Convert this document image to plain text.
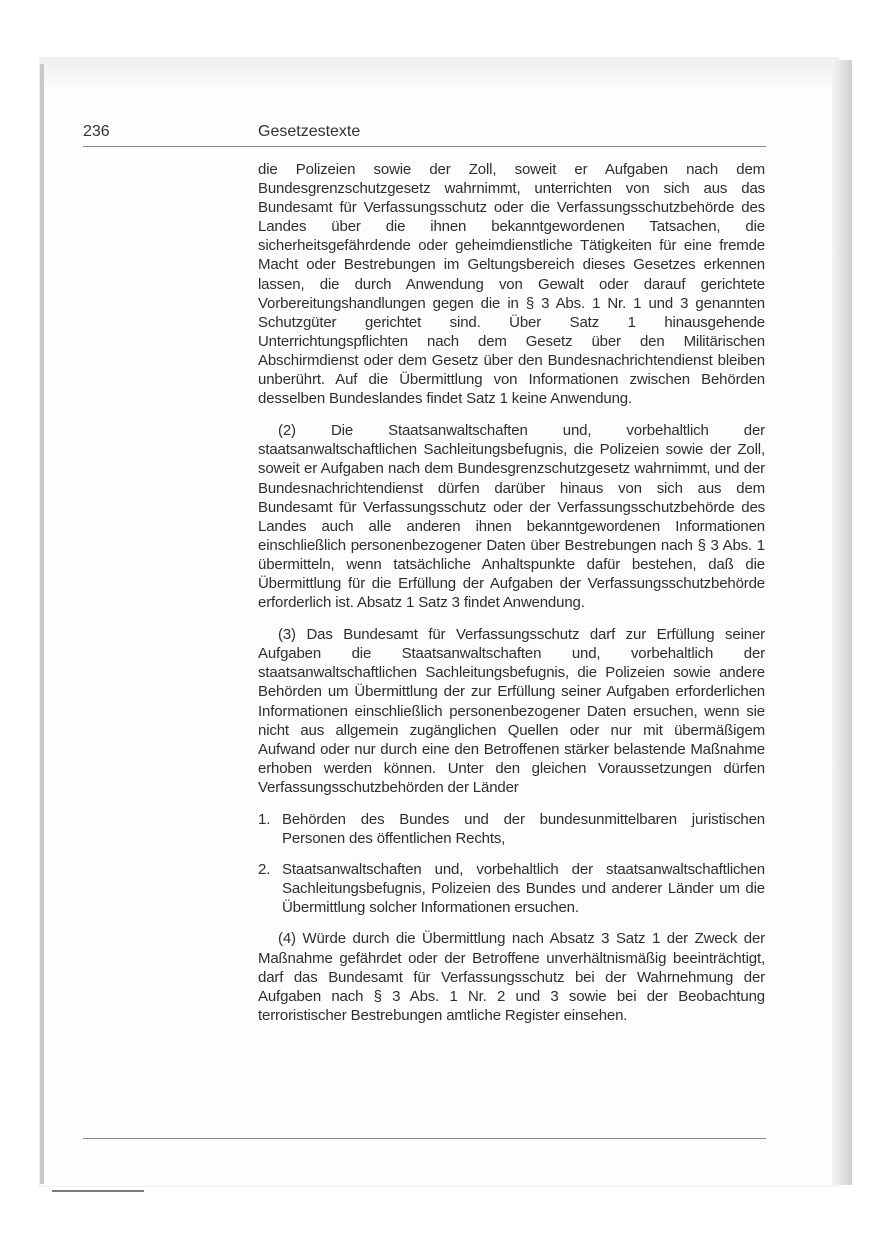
236	Gesetzestexte

die Polizeien sowie der Zoll, soweit er Aufgaben nach dem Bundesgrenzschutzgesetz wahrnimmt, unterrichten von sich aus das Bundesamt für Verfassungsschutz oder die Verfassungsschutzbehörde des Landes über die ihnen bekanntgewordenen Tatsachen, die sicherheitsgefährdende oder geheimdienstliche Tätigkeiten für eine fremde Macht oder Bestrebungen im Geltungsbereich dieses Gesetzes erkennen lassen, die durch Anwendung von Gewalt oder darauf gerichtete Vorbereitungshandlungen gegen die in § 3 Abs. 1 Nr. 1 und 3 genannten Schutzgüter gerichtet sind. Über Satz 1 hinausgehende Unterrichtungspflichten nach dem Gesetz über den Militärischen Abschirmdienst oder dem Gesetz über den Bundesnachrichtendienst bleiben unberührt. Auf die Übermittlung von Informationen zwischen Behörden desselben Bundeslandes findet Satz 1 keine Anwendung.

(2) Die Staatsanwaltschaften und, vorbehaltlich der staatsanwaltschaftlichen Sachleitungsbefugnis, die Polizeien sowie der Zoll, soweit er Aufgaben nach dem Bundesgrenzschutzgesetz wahrnimmt, und der Bundesnachrichtendienst dürfen darüber hinaus von sich aus dem Bundesamt für Verfassungsschutz oder der Verfassungsschutzbehörde des Landes auch alle anderen ihnen bekanntgewordenen Informationen einschließlich personenbezogener Daten über Bestrebungen nach § 3 Abs. 1 übermitteln, wenn tatsächliche Anhaltspunkte dafür bestehen, daß die Übermittlung für die Erfüllung der Aufgaben der Verfassungsschutzbehörde erforderlich ist. Absatz 1 Satz 3 findet Anwendung.

(3) Das Bundesamt für Verfassungsschutz darf zur Erfüllung seiner Aufgaben die Staatsanwaltschaften und, vorbehaltlich der staatsanwaltschaftlichen Sachleitungsbefugnis, die Polizeien sowie andere Behörden um Übermittlung der zur Erfüllung seiner Aufgaben erforderlichen Informationen einschließlich personenbezogener Daten ersuchen, wenn sie nicht aus allgemein zugänglichen Quellen oder nur mit übermäßigem Aufwand oder nur durch eine den Betroffenen stärker belastende Maßnahme erhoben werden können. Unter den gleichen Voraussetzungen dürfen Verfassungsschutzbehörden der Länder

1. Behörden des Bundes und der bundesunmittelbaren juristischen Personen des öffentlichen Rechts,
2. Staatsanwaltschaften und, vorbehaltlich der staatsanwaltschaftlichen Sachleitungsbefugnis, Polizeien des Bundes und anderer Länder um die Übermittlung solcher Informationen ersuchen.

(4) Würde durch die Übermittlung nach Absatz 3 Satz 1 der Zweck der Maßnahme gefährdet oder der Betroffene unverhältnismäßig beeinträchtigt, darf das Bundesamt für Verfassungsschutz bei der Wahrnehmung der Aufgaben nach § 3 Abs. 1 Nr. 2 und 3 sowie bei der Beobachtung terroristischer Bestrebungen amtliche Register einsehen.
